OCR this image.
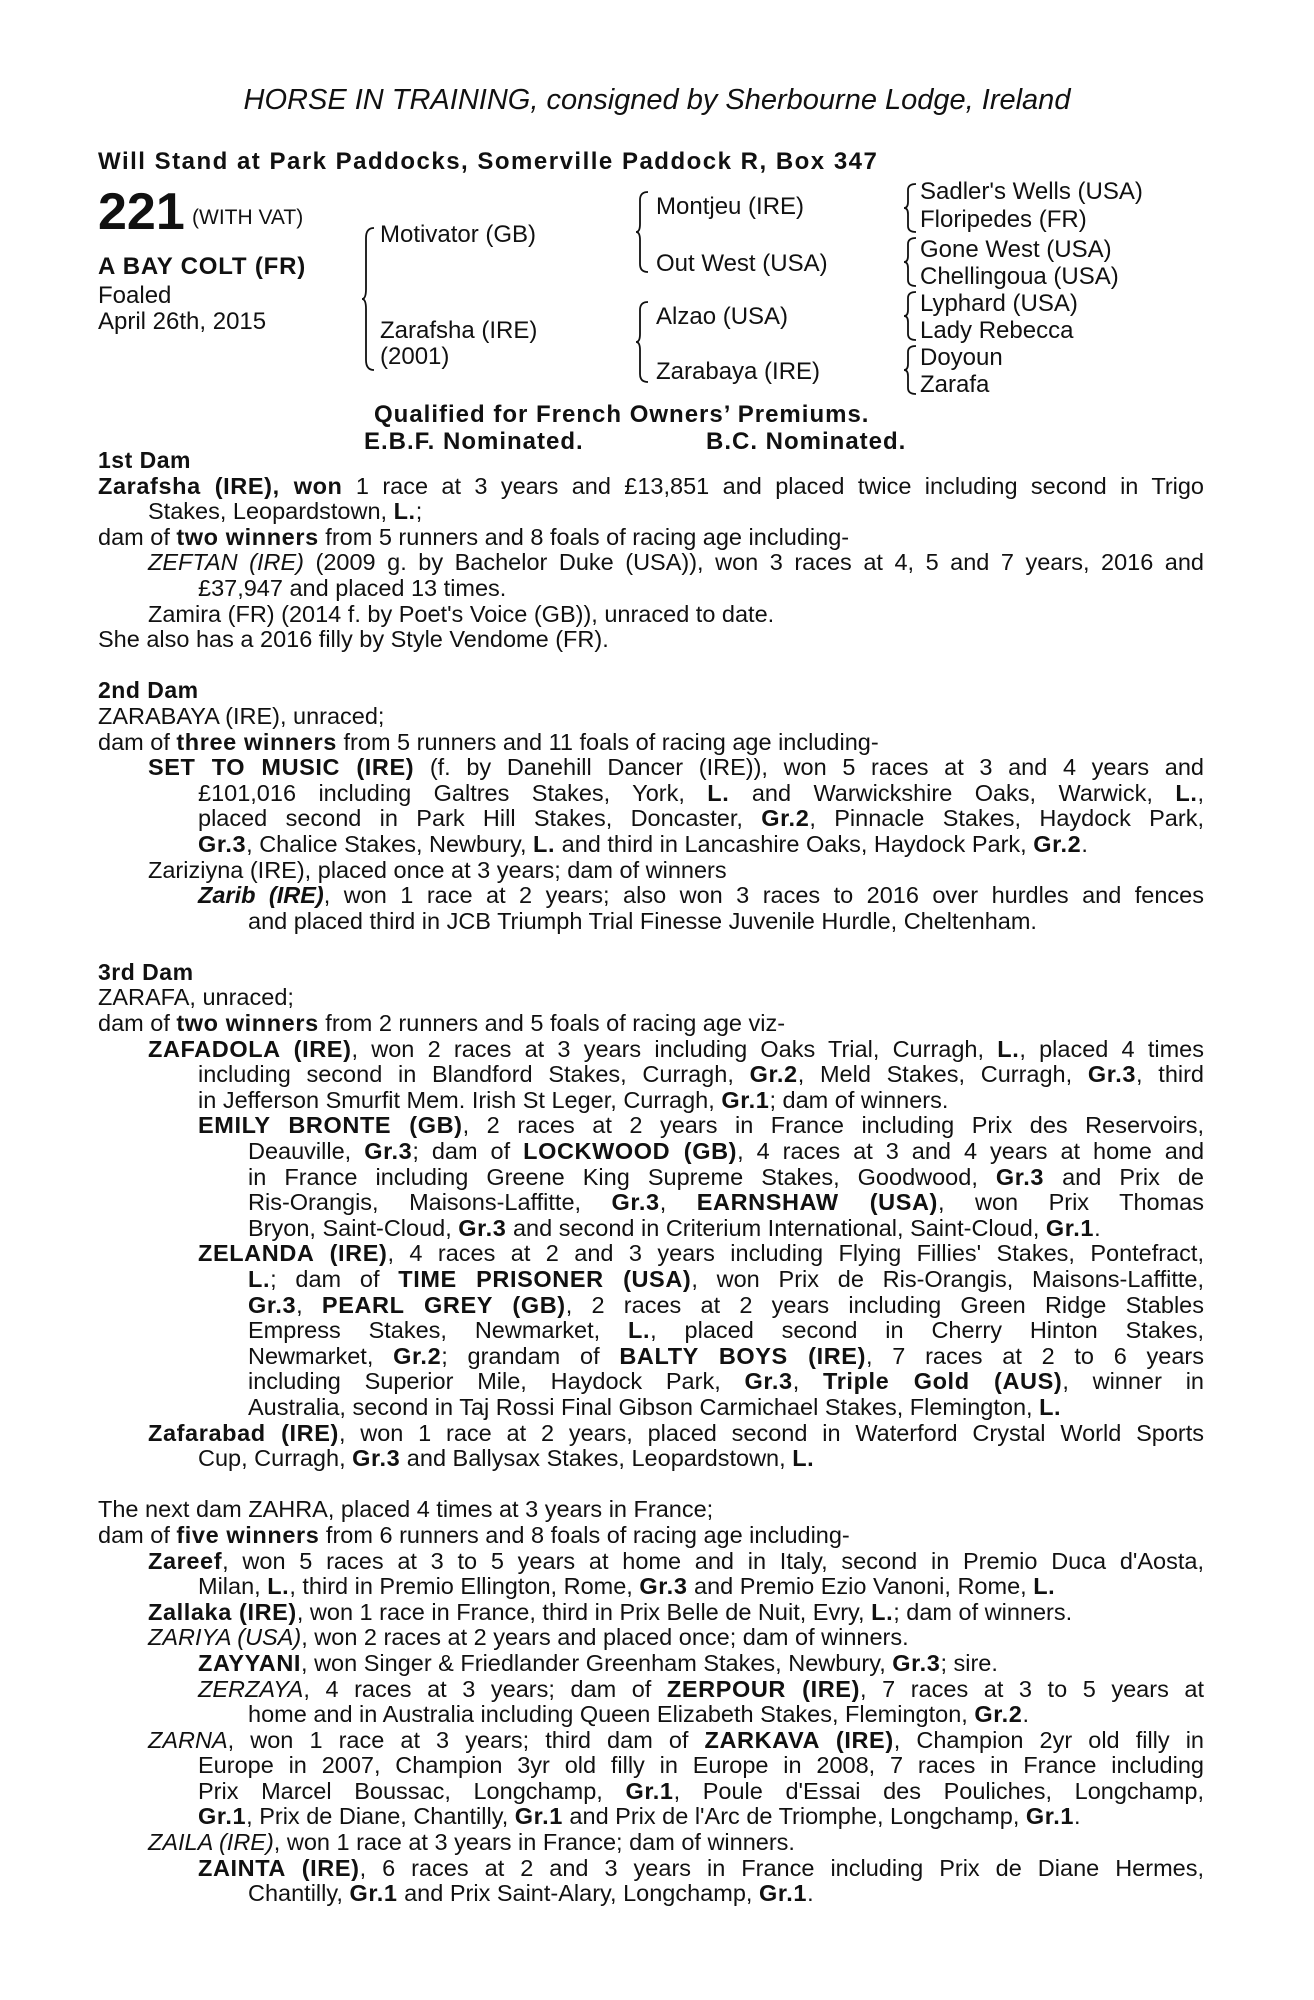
HORSE IN TRAINING, consigned by Sherbourne Lodge, Ireland
Will Stand at Park Paddocks, Somerville Paddock R, Box 347
221 (WITH VAT)
A BAY COLT (FR)
Foaled
April 26th, 2015
Motivator (GB)
Zarafsha (IRE)
(2001)
Montjeu (IRE)
Out West (USA)
Alzao (USA)
Zarabaya (IRE)
Sadler's Wells (USA)
Floripedes (FR)
Gone West (USA)
Chellingoua (USA)
Lyphard (USA)
Lady Rebecca
Doyoun
Zarafa
Qualified for French Owners’ Premiums.
E.B.F. Nominated.	B.C. Nominated.
1st Dam
Zarafsha (IRE), won 1 race at 3 years and £13,851 and placed twice including second in Trigo
Stakes, Leopardstown, L.;
dam of two winners from 5 runners and 8 foals of racing age including-
ZEFTAN (IRE) (2009 g. by Bachelor Duke (USA)), won 3 races at 4, 5 and 7 years, 2016 and
£37,947 and placed 13 times.
Zamira (FR) (2014 f. by Poet's Voice (GB)), unraced to date.
She also has a 2016 filly by Style Vendome (FR).
2nd Dam
ZARABAYA (IRE), unraced;
dam of three winners from 5 runners and 11 foals of racing age including-
SET TO MUSIC (IRE) (f. by Danehill Dancer (IRE)), won 5 races at 3 and 4 years and
£101,016 including Galtres Stakes, York, L. and Warwickshire Oaks, Warwick, L.,
placed second in Park Hill Stakes, Doncaster, Gr.2, Pinnacle Stakes, Haydock Park,
Gr.3, Chalice Stakes, Newbury, L. and third in Lancashire Oaks, Haydock Park, Gr.2.
Zariziyna (IRE), placed once at 3 years; dam of winners
Zarib (IRE), won 1 race at 2 years; also won 3 races to 2016 over hurdles and fences
and placed third in JCB Triumph Trial Finesse Juvenile Hurdle, Cheltenham.
3rd Dam
ZARAFA, unraced;
dam of two winners from 2 runners and 5 foals of racing age viz-
ZAFADOLA (IRE), won 2 races at 3 years including Oaks Trial, Curragh, L., placed 4 times
including second in Blandford Stakes, Curragh, Gr.2, Meld Stakes, Curragh, Gr.3, third
in Jefferson Smurfit Mem. Irish St Leger, Curragh, Gr.1; dam of winners.
EMILY BRONTE (GB), 2 races at 2 years in France including Prix des Reservoirs,
Deauville, Gr.3; dam of LOCKWOOD (GB), 4 races at 3 and 4 years at home and
in France including Greene King Supreme Stakes, Goodwood, Gr.3 and Prix de
Ris-Orangis, Maisons-Laffitte, Gr.3, EARNSHAW (USA), won Prix Thomas
Bryon, Saint-Cloud, Gr.3 and second in Criterium International, Saint-Cloud, Gr.1.
ZELANDA (IRE), 4 races at 2 and 3 years including Flying Fillies' Stakes, Pontefract,
L.; dam of TIME PRISONER (USA), won Prix de Ris-Orangis, Maisons-Laffitte,
Gr.3, PEARL GREY (GB), 2 races at 2 years including Green Ridge Stables
Empress Stakes, Newmarket, L., placed second in Cherry Hinton Stakes,
Newmarket, Gr.2; grandam of BALTY BOYS (IRE), 7 races at 2 to 6 years
including Superior Mile, Haydock Park, Gr.3, Triple Gold (AUS), winner in
Australia, second in Taj Rossi Final Gibson Carmichael Stakes, Flemington, L.
Zafarabad (IRE), won 1 race at 2 years, placed second in Waterford Crystal World Sports
Cup, Curragh, Gr.3 and Ballysax Stakes, Leopardstown, L.
The next dam ZAHRA, placed 4 times at 3 years in France;
dam of five winners from 6 runners and 8 foals of racing age including-
Zareef, won 5 races at 3 to 5 years at home and in Italy, second in Premio Duca d'Aosta,
Milan, L., third in Premio Ellington, Rome, Gr.3 and Premio Ezio Vanoni, Rome, L.
Zallaka (IRE), won 1 race in France, third in Prix Belle de Nuit, Evry, L.; dam of winners.
ZARIYA (USA), won 2 races at 2 years and placed once; dam of winners.
ZAYYANI, won Singer & Friedlander Greenham Stakes, Newbury, Gr.3; sire.
ZERZAYA, 4 races at 3 years; dam of ZERPOUR (IRE), 7 races at 3 to 5 years at
home and in Australia including Queen Elizabeth Stakes, Flemington, Gr.2.
ZARNA, won 1 race at 3 years; third dam of ZARKAVA (IRE), Champion 2yr old filly in
Europe in 2007, Champion 3yr old filly in Europe in 2008, 7 races in France including
Prix Marcel Boussac, Longchamp, Gr.1, Poule d'Essai des Pouliches, Longchamp,
Gr.1, Prix de Diane, Chantilly, Gr.1 and Prix de l'Arc de Triomphe, Longchamp, Gr.1.
ZAILA (IRE), won 1 race at 3 years in France; dam of winners.
ZAINTA (IRE), 6 races at 2 and 3 years in France including Prix de Diane Hermes,
Chantilly, Gr.1 and Prix Saint-Alary, Longchamp, Gr.1.
